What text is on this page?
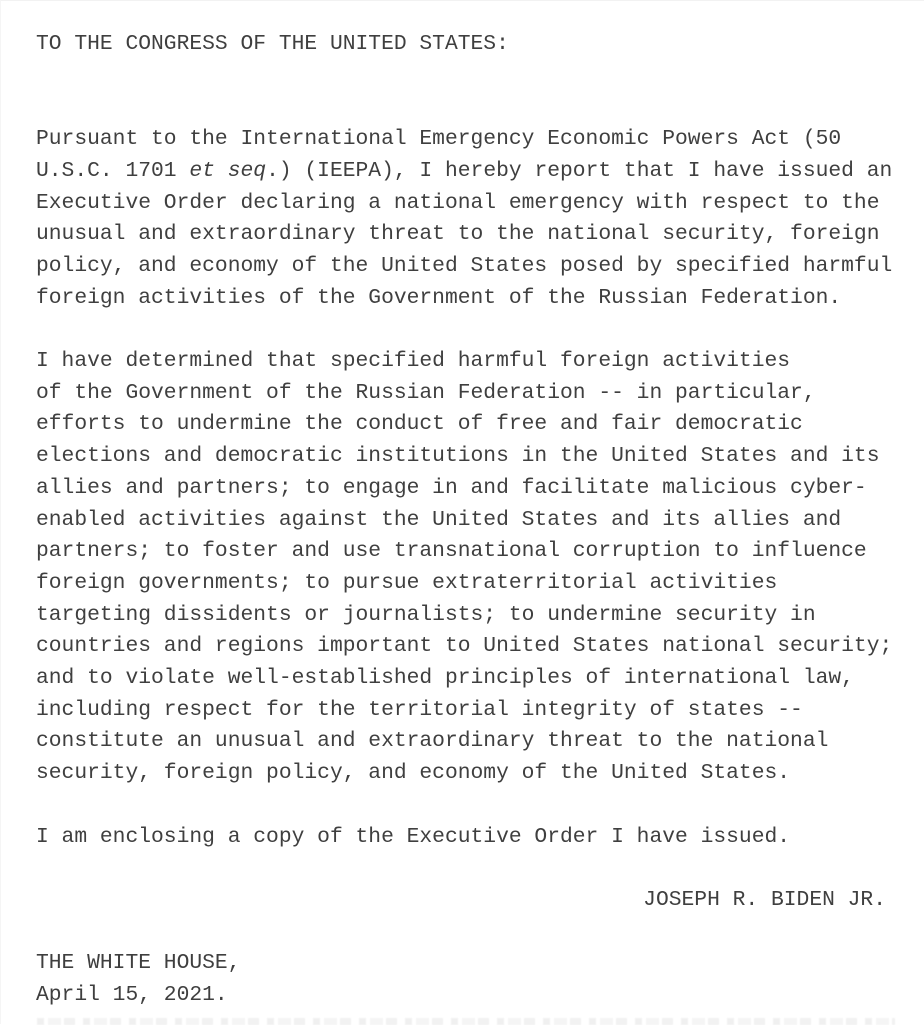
TO THE CONGRESS OF THE UNITED STATES:

Pursuant to the International Emergency Economic Powers Act (50
U.S.C. 1701 et seq.) (IEEPA), I hereby report that I have issued an
Executive Order declaring a national emergency with respect to the
unusual and extraordinary threat to the national security, foreign
policy, and economy of the United States posed by specified harmful
foreign activities of the Government of the Russian Federation.

I have determined that specified harmful foreign activities
of the Government of the Russian Federation -- in particular,
efforts to undermine the conduct of free and fair democratic
elections and democratic institutions in the United States and its
allies and partners; to engage in and facilitate malicious cyber-
enabled activities against the United States and its allies and
partners; to foster and use transnational corruption to influence
foreign governments; to pursue extraterritorial activities
targeting dissidents or journalists; to undermine security in
countries and regions important to United States national security;
and to violate well-established principles of international law,
including respect for the territorial integrity of states --
constitute an unusual and extraordinary threat to the national
security, foreign policy, and economy of the United States.

I am enclosing a copy of the Executive Order I have issued.

JOSEPH R. BIDEN JR.

THE WHITE HOUSE,
April 15, 2021.
